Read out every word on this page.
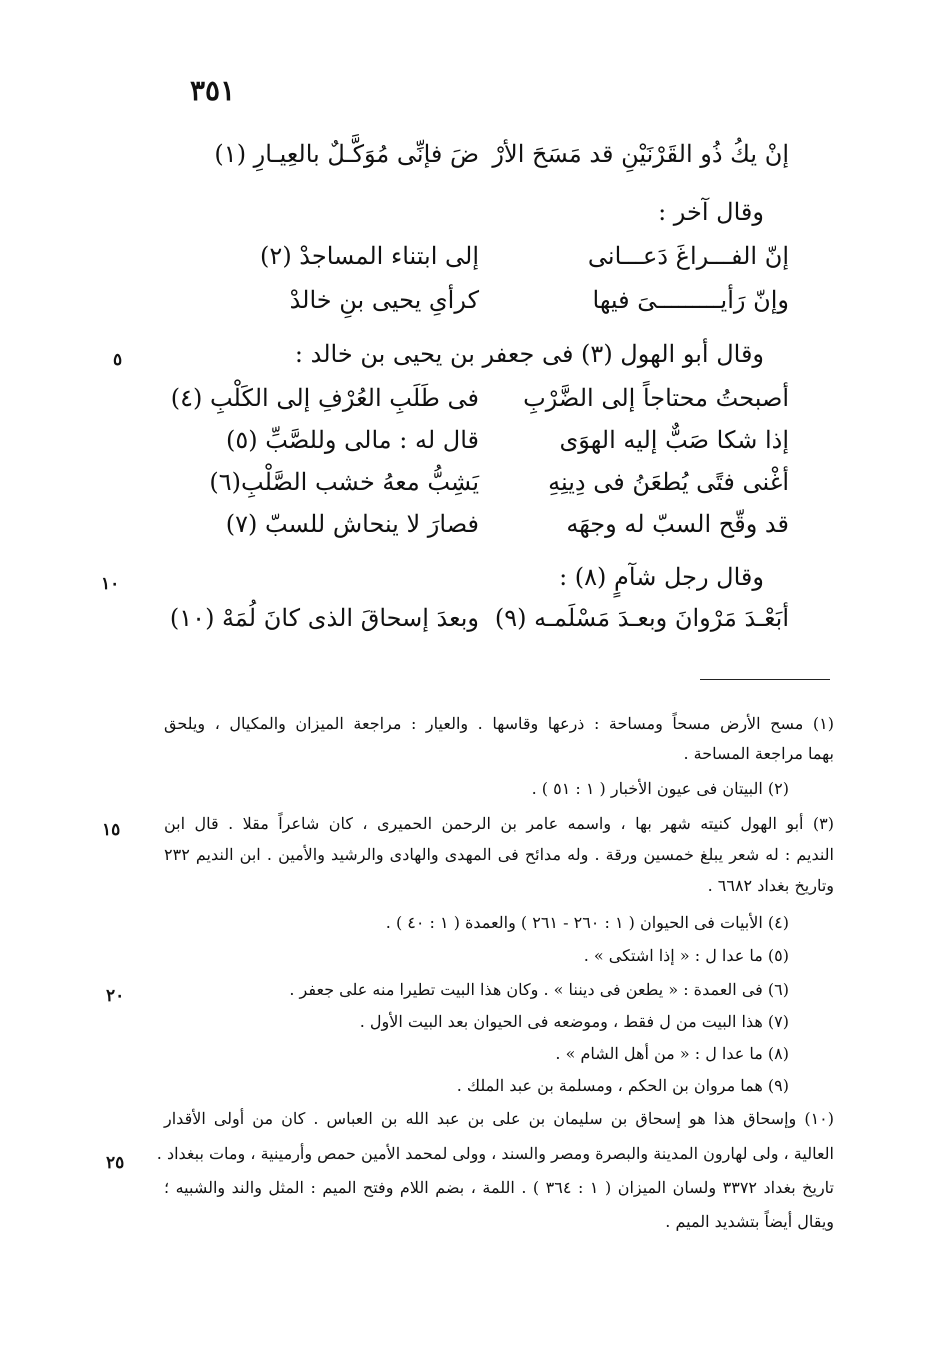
٣٥١
إنْ يكُ ذُو القَرْنَيْنِ قد مَسَحَ الأرْ
ضَ فإنِّى مُوَكَّـلٌ بالعِيـارِ (١)
وقال آخر :
إنّ الفـــراغَ دَعـــانى
إلى ابتناء المساجدْ (٢)
وإنّ رَأيـــــــــىَ فيها
كرأىِ يحيى بنِ خالدْ
وقال أبو الهول (٣) فى جعفر بن يحيى بن خالد :
أصبحتُ محتاجاً إلى الضَّرْبِ
فى طَلَبِ العُرْفِ إلى الكَلْبِ (٤)
إذا شكا صَبٌّ إليه الهوَى
قال له : مالى وللصَّبِّ (٥)
أغْنى فتًى يُطعَنُ فى دِينِهِ
يَشِبُّ معهُ خشب الصَّلْبِ(٦)
قد وقّح السبّ له وجهَه
فصارَ لا ينحاش للسبّ (٧)
وقال رجل شآمٍ (٨) :
أبَعْـدَ مَرْوانَ وبعـدَ مَسْلَمـه (٩)
وبعدَ إسحاقَ الذى كانَ لُمَهْ (١٠)
٥
١٠
١٥
٢٠
٢٥
(١) مسح الأرض مسحاً ومساحة : ذرعها وقاسها . والعيار : مراجعة الميزان والمكيال ، ويلحق
بهما مراجعة المساحة .
(٢) البيتان فى عيون الأخبار ( ١ : ٥١ ) .
(٣) أبو الهول كنيته شهر بها ، واسمه عامر بن الرحمن الحميرى ، كان شاعراً مقلا . قال ابن
النديم : له شعر يبلغ خمسين ورقة . وله مدائح فى المهدى والهادى والرشيد والأمين . ابن النديم ٢٣٢
وتاريخ بغداد ٦٦٨٢ .
(٤) الأبيات فى الحيوان ( ١ : ٢٦٠ - ٢٦١ ) والعمدة ( ١ : ٤٠ ) .
(٥) ما عدا ل : « إذا اشتكى » .
(٦) فى العمدة : « يطعن فى ديننا » . وكان هذا البيت تطيرا منه على جعفر .
(٧) هذا البيت من ل فقط ، وموضعه فى الحيوان بعد البيت الأول .
(٨) ما عدا ل : « من أهل الشام » .
(٩) هما مروان بن الحكم ، ومسلمة بن عبد الملك .
(١٠) وإسحاق هذا هو إسحاق بن سليمان بن على بن عبد الله بن العباس . كان من أولى الأقدار
العالية ، ولى لهارون المدينة والبصرة ومصر والسند ، وولى لمحمد الأمين حمص وأرمينية ، ومات ببغداد .
تاريخ بغداد ٣٣٧٢ ولسان الميزان ( ١ : ٣٦٤ ) . اللمة ، بضم اللام وفتح الميم : المثل والند والشبيه ؛
ويقال أيضاً بتشديد الميم .
